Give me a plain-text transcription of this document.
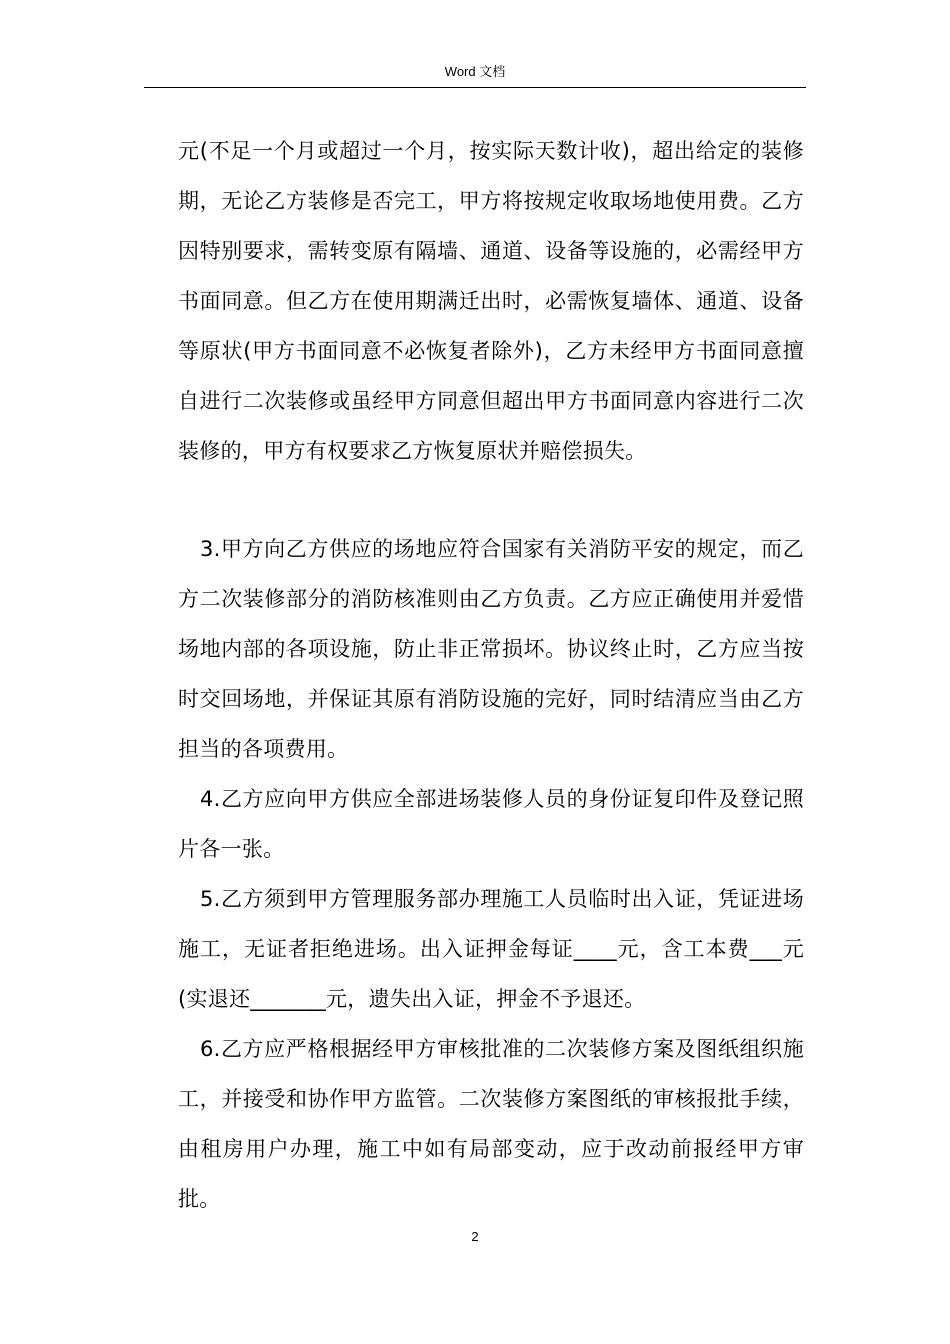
Word 文档

元(不足一个月或超过一个月，按实际天数计收)，超出给定的装修期，无论乙方装修是否完工，甲方将按规定收取场地使用费。乙方因特别要求，需转变原有隔墙、通道、设备等设施的，必需经甲方书面同意。但乙方在使用期满迁出时，必需恢复墙体、通道、设备等原状(甲方书面同意不必恢复者除外)，乙方未经甲方书面同意擅自进行二次装修或虽经甲方同意但超出甲方书面同意内容进行二次装修的，甲方有权要求乙方恢复原状并赔偿损失。

3.甲方向乙方供应的场地应符合国家有关消防平安的规定，而乙方二次装修部分的消防核准则由乙方负责。乙方应正确使用并爱惜场地内部的各项设施，防止非正常损坏。协议终止时，乙方应当按时交回场地，并保证其原有消防设施的完好，同时结清应当由乙方担当的各项费用。

4.乙方应向甲方供应全部进场装修人员的身份证复印件及登记照片各一张。

5.乙方须到甲方管理服务部办理施工人员临时出入证，凭证进场施工，无证者拒绝进场。出入证押金每证____元，含工本费___元(实退还_______元，遗失出入证，押金不予退还。

6.乙方应严格根据经甲方审核批准的二次装修方案及图纸组织施工，并接受和协作甲方监管。二次装修方案图纸的审核报批手续，由租房用户办理，施工中如有局部变动，应于改动前报经甲方审批。

2
